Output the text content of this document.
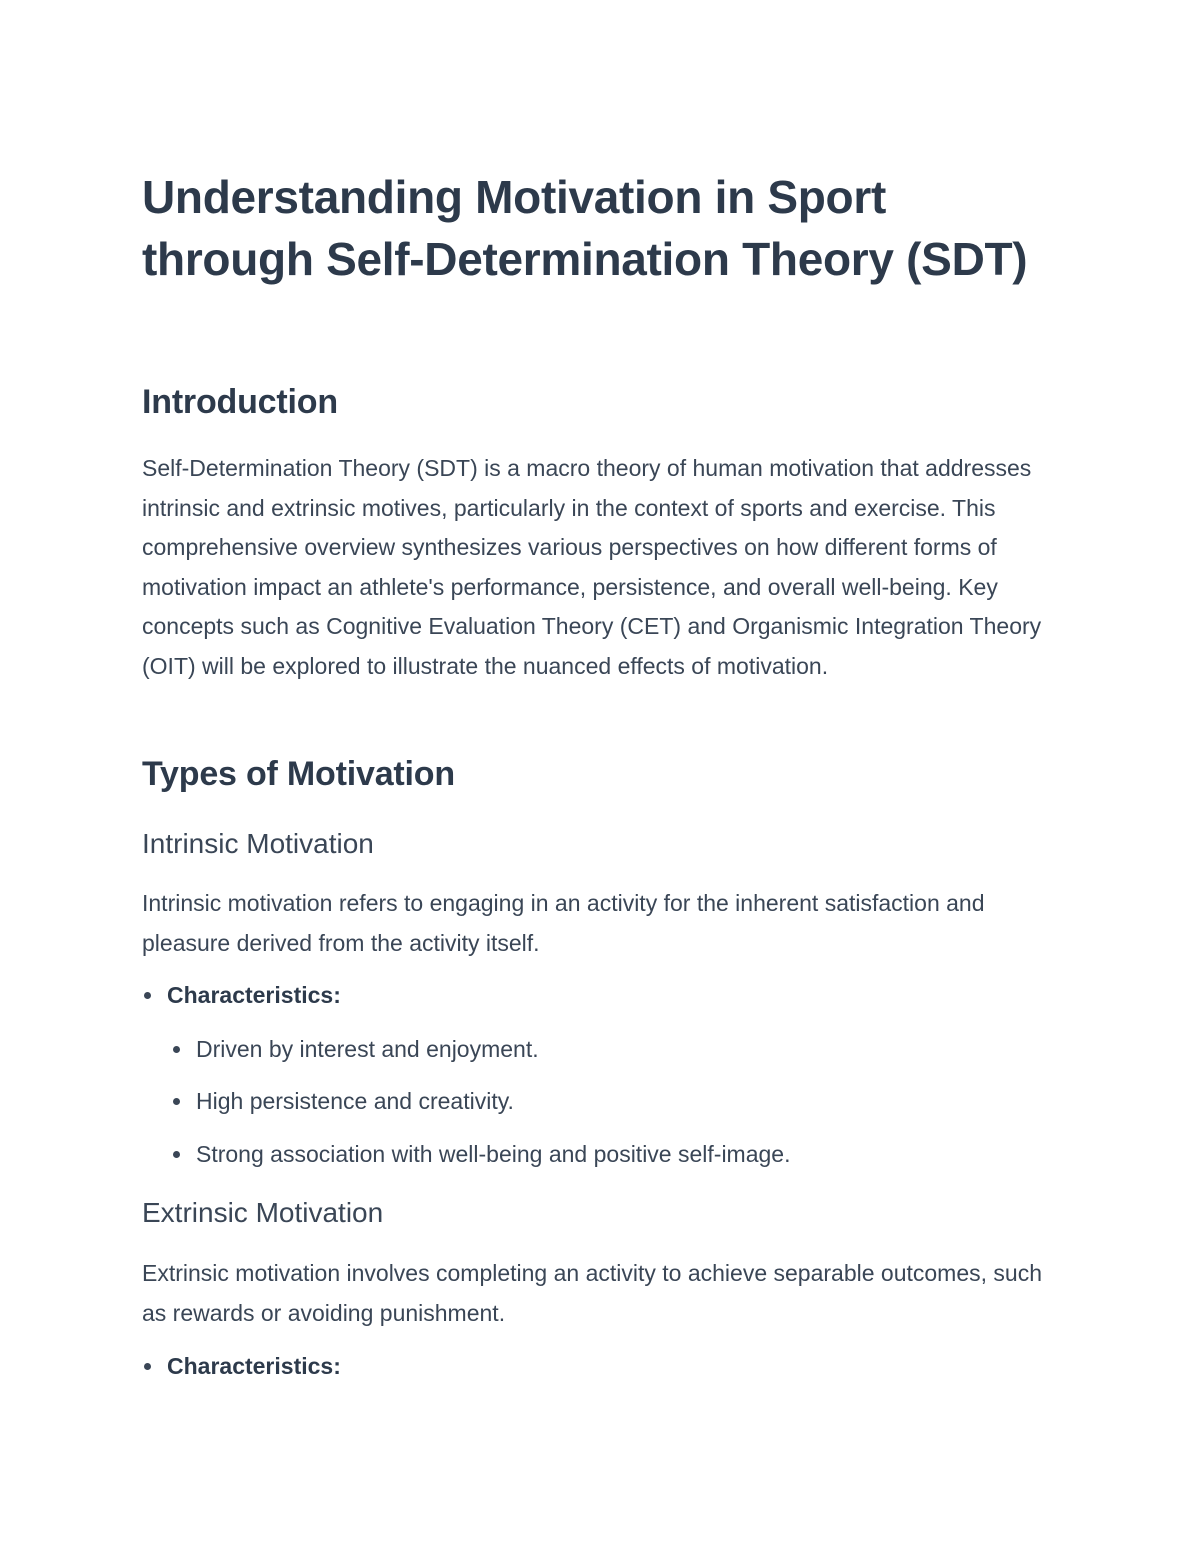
Understanding Motivation in Sport through Self-Determination Theory (SDT)
Introduction

Self-Determination Theory (SDT) is a macro theory of human motivation that addresses intrinsic and extrinsic motives, particularly in the context of sports and exercise. This comprehensive overview synthesizes various perspectives on how different forms of motivation impact an athlete's performance, persistence, and overall well-being. Key concepts such as Cognitive Evaluation Theory (CET) and Organismic Integration Theory (OIT) will be explored to illustrate the nuanced effects of motivation.

Types of Motivation
Intrinsic Motivation

Intrinsic motivation refers to engaging in an activity for the inherent satisfaction and pleasure derived from the activity itself.

Characteristics:
Driven by interest and enjoyment.
High persistence and creativity.
Strong association with well-being and positive self-image.
Extrinsic Motivation

Extrinsic motivation involves completing an activity to achieve separable outcomes, such as rewards or avoiding punishment.

Characteristics:
